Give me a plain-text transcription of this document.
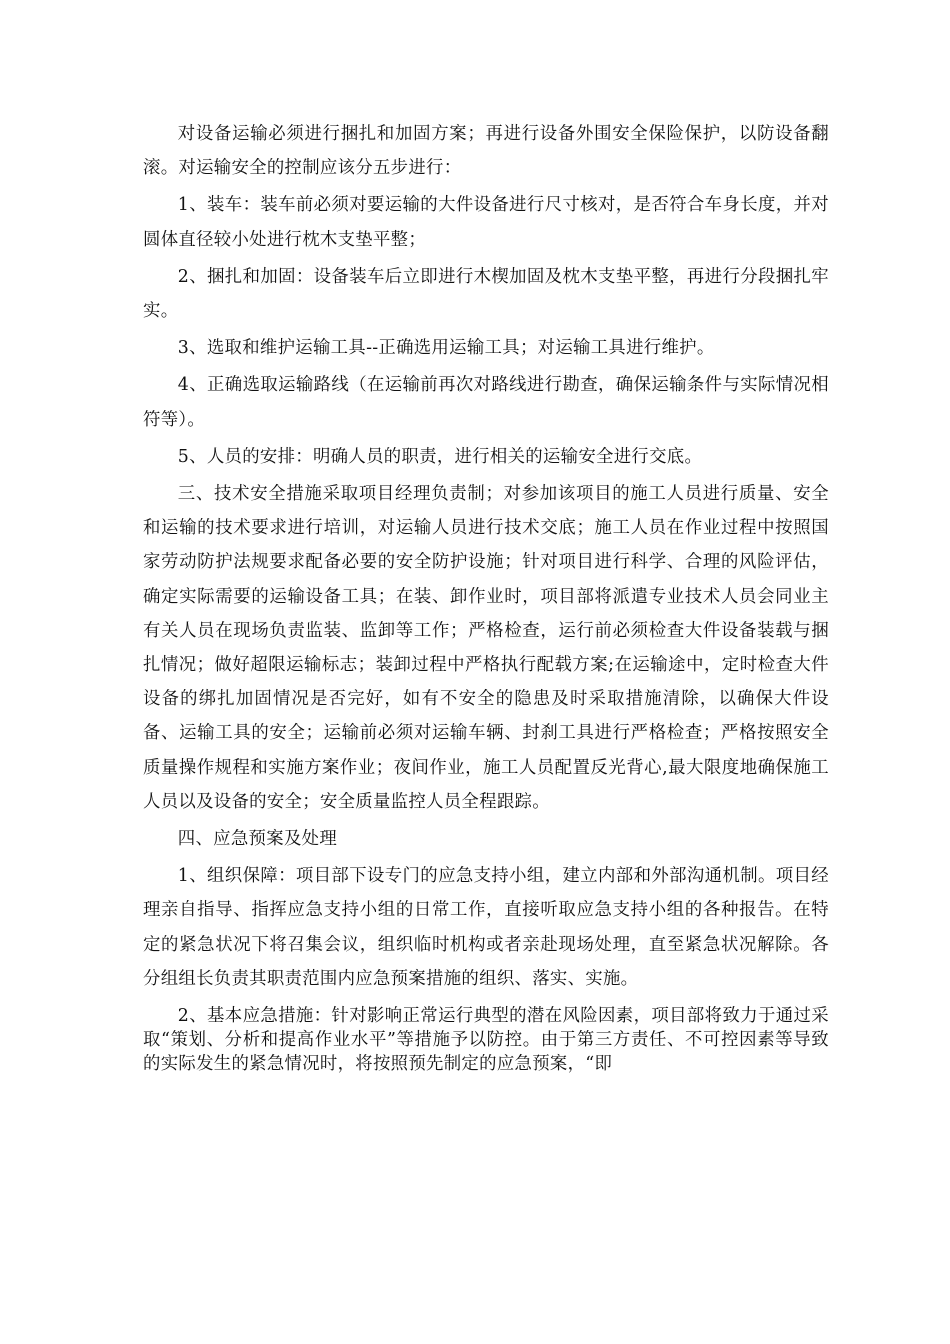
对设备运输必须进行捆扎和加固方案；再进行设备外围安全保险保护，以防设备翻滚。对运输安全的控制应该分五步进行：

1、装车：装车前必须对要运输的大件设备进行尺寸核对，是否符合车身长度，并对圆体直径较小处进行枕木支垫平整；

2、捆扎和加固：设备装车后立即进行木楔加固及枕木支垫平整，再进行分段捆扎牢实。

3、选取和维护运输工具--正确选用运输工具；对运输工具进行维护。

4、正确选取运输路线（在运输前再次对路线进行勘查，确保运输条件与实际情况相符等）。

5、人员的安排：明确人员的职责，进行相关的运输安全进行交底。

三、技术安全措施采取项目经理负责制；对参加该项目的施工人员进行质量、安全和运输的技术要求进行培训，对运输人员进行技术交底；施工人员在作业过程中按照国家劳动防护法规要求配备必要的安全防护设施；针对项目进行科学、合理的风险评估，确定实际需要的运输设备工具；在装、卸作业时，项目部将派遣专业技术人员会同业主有关人员在现场负责监装、监卸等工作；严格检查，运行前必须检查大件设备装载与捆扎情况；做好超限运输标志；装卸过程中严格执行配载方案;在运输途中，定时检查大件设备的绑扎加固情况是否完好，如有不安全的隐患及时采取措施清除，以确保大件设备、运输工具的安全；运输前必须对运输车辆、封刹工具进行严格检查；严格按照安全质量操作规程和实施方案作业；夜间作业，施工人员配置反光背心,最大限度地确保施工人员以及设备的安全；安全质量监控人员全程跟踪。

四、应急预案及处理

1、组织保障：项目部下设专门的应急支持小组，建立内部和外部沟通机制。项目经理亲自指导、指挥应急支持小组的日常工作，直接听取应急支持小组的各种报告。在特定的紧急状况下将召集会议，组织临时机构或者亲赴现场处理，直至紧急状况解除。各分组组长负责其职责范围内应急预案措施的组织、落实、实施。

2、基本应急措施：针对影响正常运行典型的潜在风险因素，项目部将致力于通过采取“策划、分析和提高作业水平”等措施予以防控。由于第三方责任、不可控因素等导致的实际发生的紧急情况时，将按照预先制定的应急预案，“即
